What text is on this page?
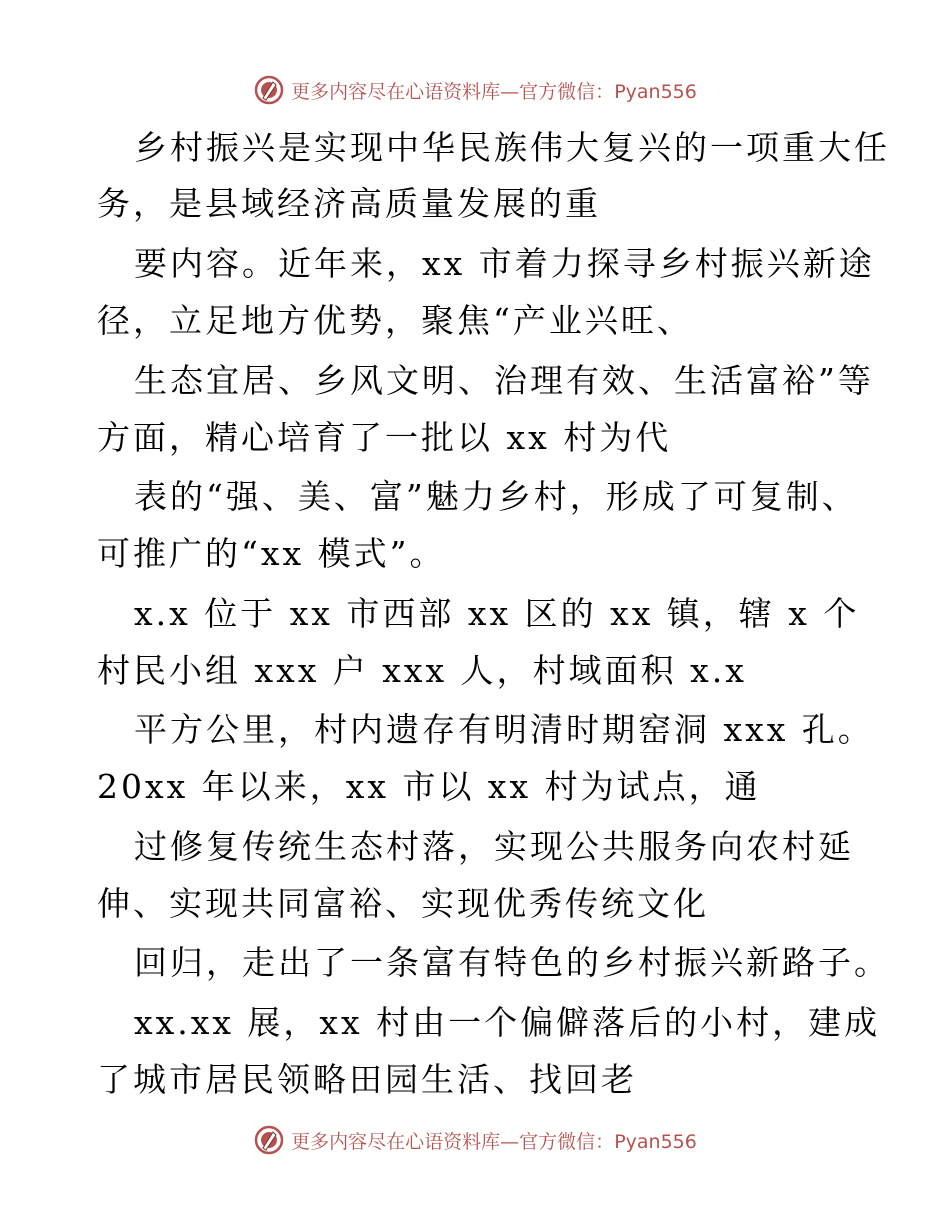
更多内容尽在心语资料库—官方微信：Pyan556
乡村振兴是实现中华民族伟大复兴的一项重大任
务，是县域经济高质量发展的重
要内容。近年来，xx 市着力探寻乡村振兴新途
径，立足地方优势，聚焦“产业兴旺、
生态宜居、乡风文明、治理有效、生活富裕”等
方面，精心培育了一批以 xx 村为代
表的“强、美、富”魅力乡村，形成了可复制、
可推广的“xx 模式”。
x.x 位于 xx 市西部 xx 区的 xx 镇，辖 x 个
村民小组 xxx 户 xxx 人，村域面积 x.x
平方公里，村内遗存有明清时期窑洞 xxx 孔。
20xx 年以来，xx 市以 xx 村为试点，通
过修复传统生态村落，实现公共服务向农村延
伸、实现共同富裕、实现优秀传统文化
回归，走出了一条富有特色的乡村振兴新路子。
xx.xx 展，xx 村由一个偏僻落后的小村，建成
了城市居民领略田园生活、找回老
更多内容尽在心语资料库—官方微信：Pyan556
